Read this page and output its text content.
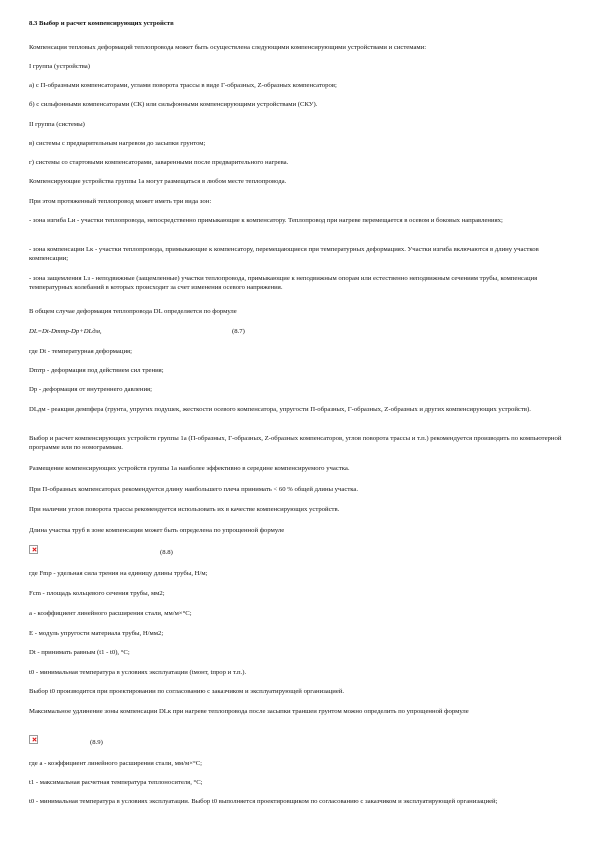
8.3 Выбор и расчет компенсирующих устройств

Компенсация тепловых деформаций теплопровода может быть осуществлена следующими компенсирующими устройствами и системами:

I группа (устройства)

а) с П-образными компенсаторами, углами поворота трассы в виде Г-образных, Z-образных компенсаторов;

б) с сильфонными компенсаторами (СК) или сильфонными компенсирующими устройствами (СКУ).

II группа (системы)

в) системы с предварительным нагревом до засыпки грунтом;

г) системы со стартовыми компенсаторами, заваренными после предварительного нагрева.

Компенсирующие устройства группы 1а могут размещаться в любом месте теплопровода.

При этом протяженный теплопровод может иметь три вида зон:

- зона изгиба Lи - участки теплопровода, непосредственно примыкающие к компенсатору. Теплопровод при нагреве перемещается в осевом и боковых направлениях;

- зона компенсации Lк - участки теплопровода, примыкающие к компенсатору, перемещающиеся при температурных деформациях. Участки изгиба включаются в длину участков компенсации;

- зона защемления Lз - неподвижные (защемленные) участки теплопровода, примыкающие к неподвижным опорам или естественно неподвижным сечениям трубы, компенсация температурных колебаний в которых происходит за счет изменения осевого напряжения.

В общем случае деформация теплопровода DL определяется по формуле

DL=Dt-Dmтр-Dp+DLдм,	(8.7)

где Dt - температурная деформация;

Dmтр - деформация под действием сил трения;

Dp - деформация от внутреннего давления;

DLдм - реакция демпфера (грунта, упругих подушек, жесткости осевого компенсатора, упругости П-образных, Г-образных, Z-образных и других компенсирующих устройств).

Выбор и расчет компенсирующих устройств группы 1а (П-образных, Г-образных, Z-образных компенсаторов, углов поворота трассы и т.п.) рекомендуется производить по компьютерной программе или по номограммам.

Размещение компенсирующих устройств группы 1а наиболее эффективно в середине компенсируемого участка.

При П-образных компенсаторах рекомендуется длину наибольшего плеча принимать < 60 % общей длины участка.

При наличии углов поворота трассы рекомендуется использовать их в качестве компенсирующих устройств.

Длина участка труб в зоне компенсации может быть определена по упрощенной формуле

(8.8)

где Fmр - удельная сила трения на единицу длины трубы, Н/м;

Fсm - площадь кольцевого сечения трубы, мм2;

a - коэффициент линейного расширения стали, мм/м×°С;

E - модуль упругости материала трубы, Н/мм2;

Dt - принимать равным (t1 - t0), °С;

t0 - минимальная температура в условиях эксплуатации (tмонт, tпроp и т.п.).

Выбор t0 производится при проектировании по согласованию с заказчиком и эксплуатирующей организацией.

Максимальное удлинение зоны компенсации DLк при нагреве теплопровода после засыпки траншеи грунтом можно определить по упрощенной формуле

(8.9)

где a - коэффициент линейного расширения стали, мм/м×°С;

t1 - максимальная расчетная температура теплоносителя, °С;

t0 - минимальная температура в условиях эксплуатации. Выбор t0 выполняется проектировщиком по согласованию с заказчиком и эксплуатирующей организацией;
